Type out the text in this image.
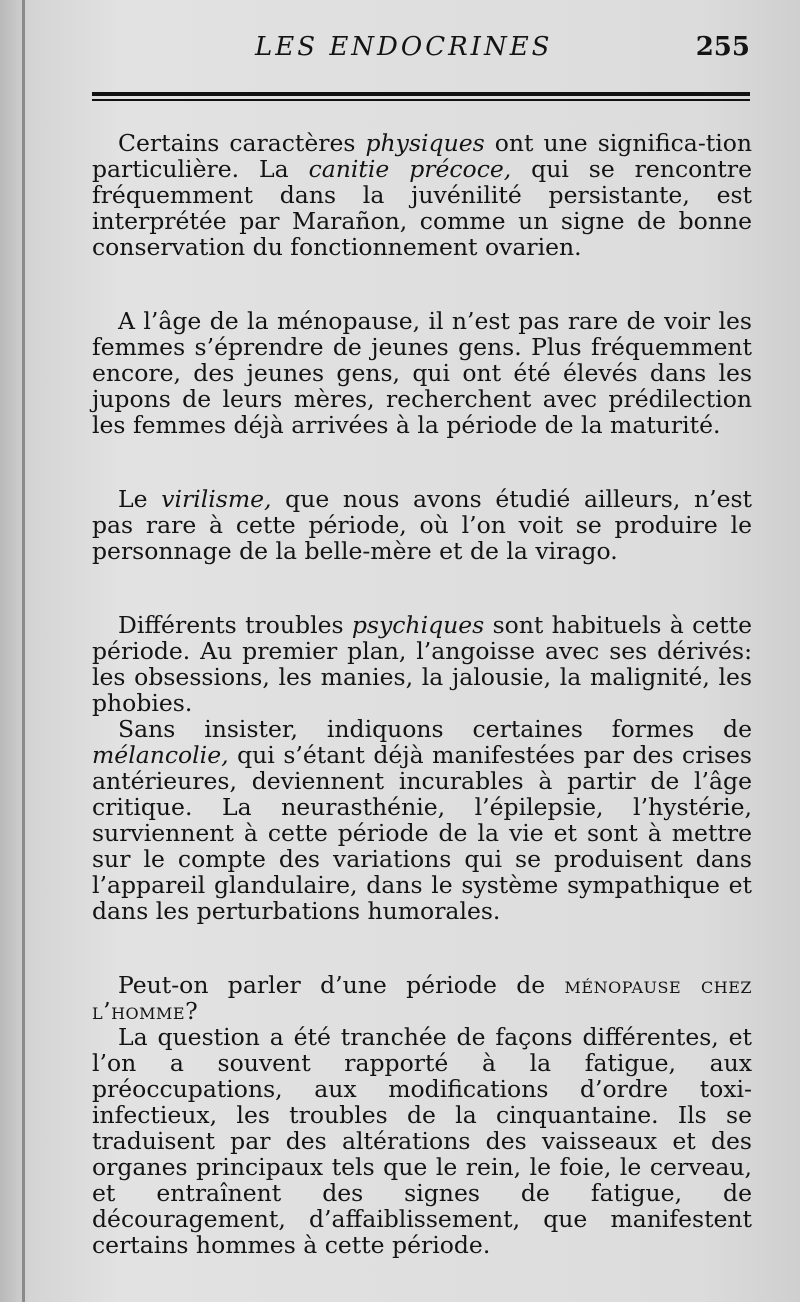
LES ENDOCRINES	255

Certains caractères physiques ont une significa-tion particulière. La canitie précoce, qui se rencontre fréquemment dans la juvénilité persistante, est interprétée par Marañon, comme un signe de bonne conservation du fonctionnement ovarien.

A l’âge de la ménopause, il n’est pas rare de voir les femmes s’éprendre de jeunes gens. Plus fréquemment encore, des jeunes gens, qui ont été élevés dans les jupons de leurs mères, recherchent avec prédilection les femmes déjà arrivées à la période de la maturité.

Le virilisme, que nous avons étudié ailleurs, n’est pas rare à cette période, où l’on voit se produire le personnage de la belle-mère et de la virago.

Différents troubles psychiques sont habituels à cette période. Au premier plan, l’angoisse avec ses dérivés: les obsessions, les manies, la jalousie, la malignité, les phobies.

Sans insister, indiquons certaines formes de mélancolie, qui s’étant déjà manifestées par des crises antérieures, deviennent incurables à partir de l’âge critique. La neurasthénie, l’épilepsie, l’hystérie, surviennent à cette période de la vie et sont à mettre sur le compte des variations qui se produisent dans l’appareil glandulaire, dans le système sympathique et dans les perturbations humorales.

Peut-on parler d’une période de ménopause chez l’homme?

La question a été tranchée de façons différentes, et l’on a souvent rapporté à la fatigue, aux préoccupations, aux modifications d’ordre toxi-infectieux, les troubles de la cinquantaine. Ils se traduisent par des altérations des vaisseaux et des organes principaux tels que le rein, le foie, le cerveau, et entraînent des signes de fatigue, de découragement, d’affaiblissement, que manifestent certains hommes à cette période.
